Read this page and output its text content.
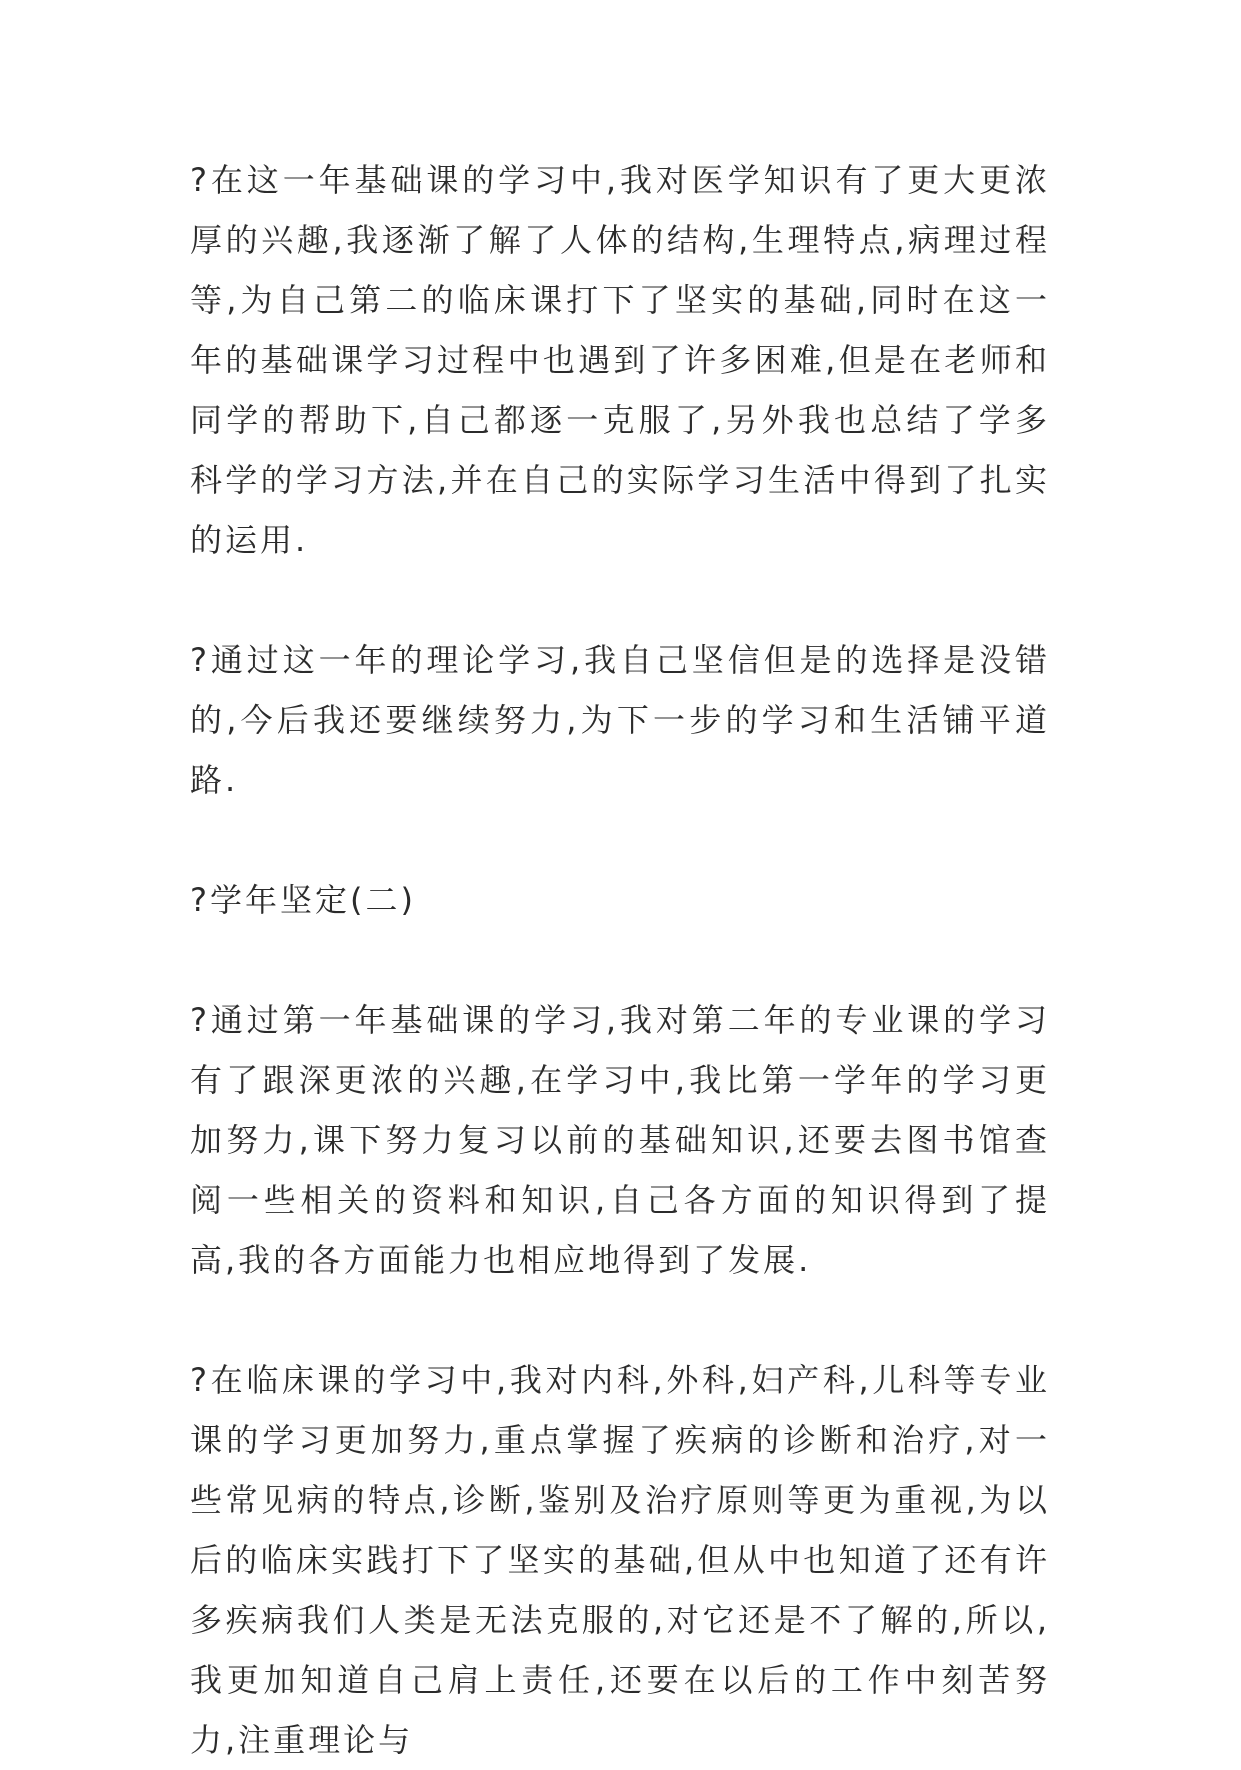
?在这一年基础课的学习中,我对医学知识有了更大更浓厚的兴趣,我逐渐了解了人体的结构,生理特点,病理过程等,为自己第二的临床课打下了坚实的基础,同时在这一年的基础课学习过程中也遇到了许多困难,但是在老师和同学的帮助下,自己都逐一克服了,另外我也总结了学多科学的学习方法,并在自己的实际学习生活中得到了扎实的运用.

?通过这一年的理论学习,我自己坚信但是的选择是没错的,今后我还要继续努力,为下一步的学习和生活铺平道路.

?学年坚定(二)

?通过第一年基础课的学习,我对第二年的专业课的学习有了跟深更浓的兴趣,在学习中,我比第一学年的学习更加努力,课下努力复习以前的基础知识,还要去图书馆查阅一些相关的资料和知识,自己各方面的知识得到了提高,我的各方面能力也相应地得到了发展.

?在临床课的学习中,我对内科,外科,妇产科,儿科等专业课的学习更加努力,重点掌握了疾病的诊断和治疗,对一些常见病的特点,诊断,鉴别及治疗原则等更为重视,为以后的临床实践打下了坚实的基础,但从中也知道了还有许多疾病我们人类是无法克服的,对它还是不了解的,所以,我更加知道自己肩上责任,还要在以后的工作中刻苦努力,注重理论与
